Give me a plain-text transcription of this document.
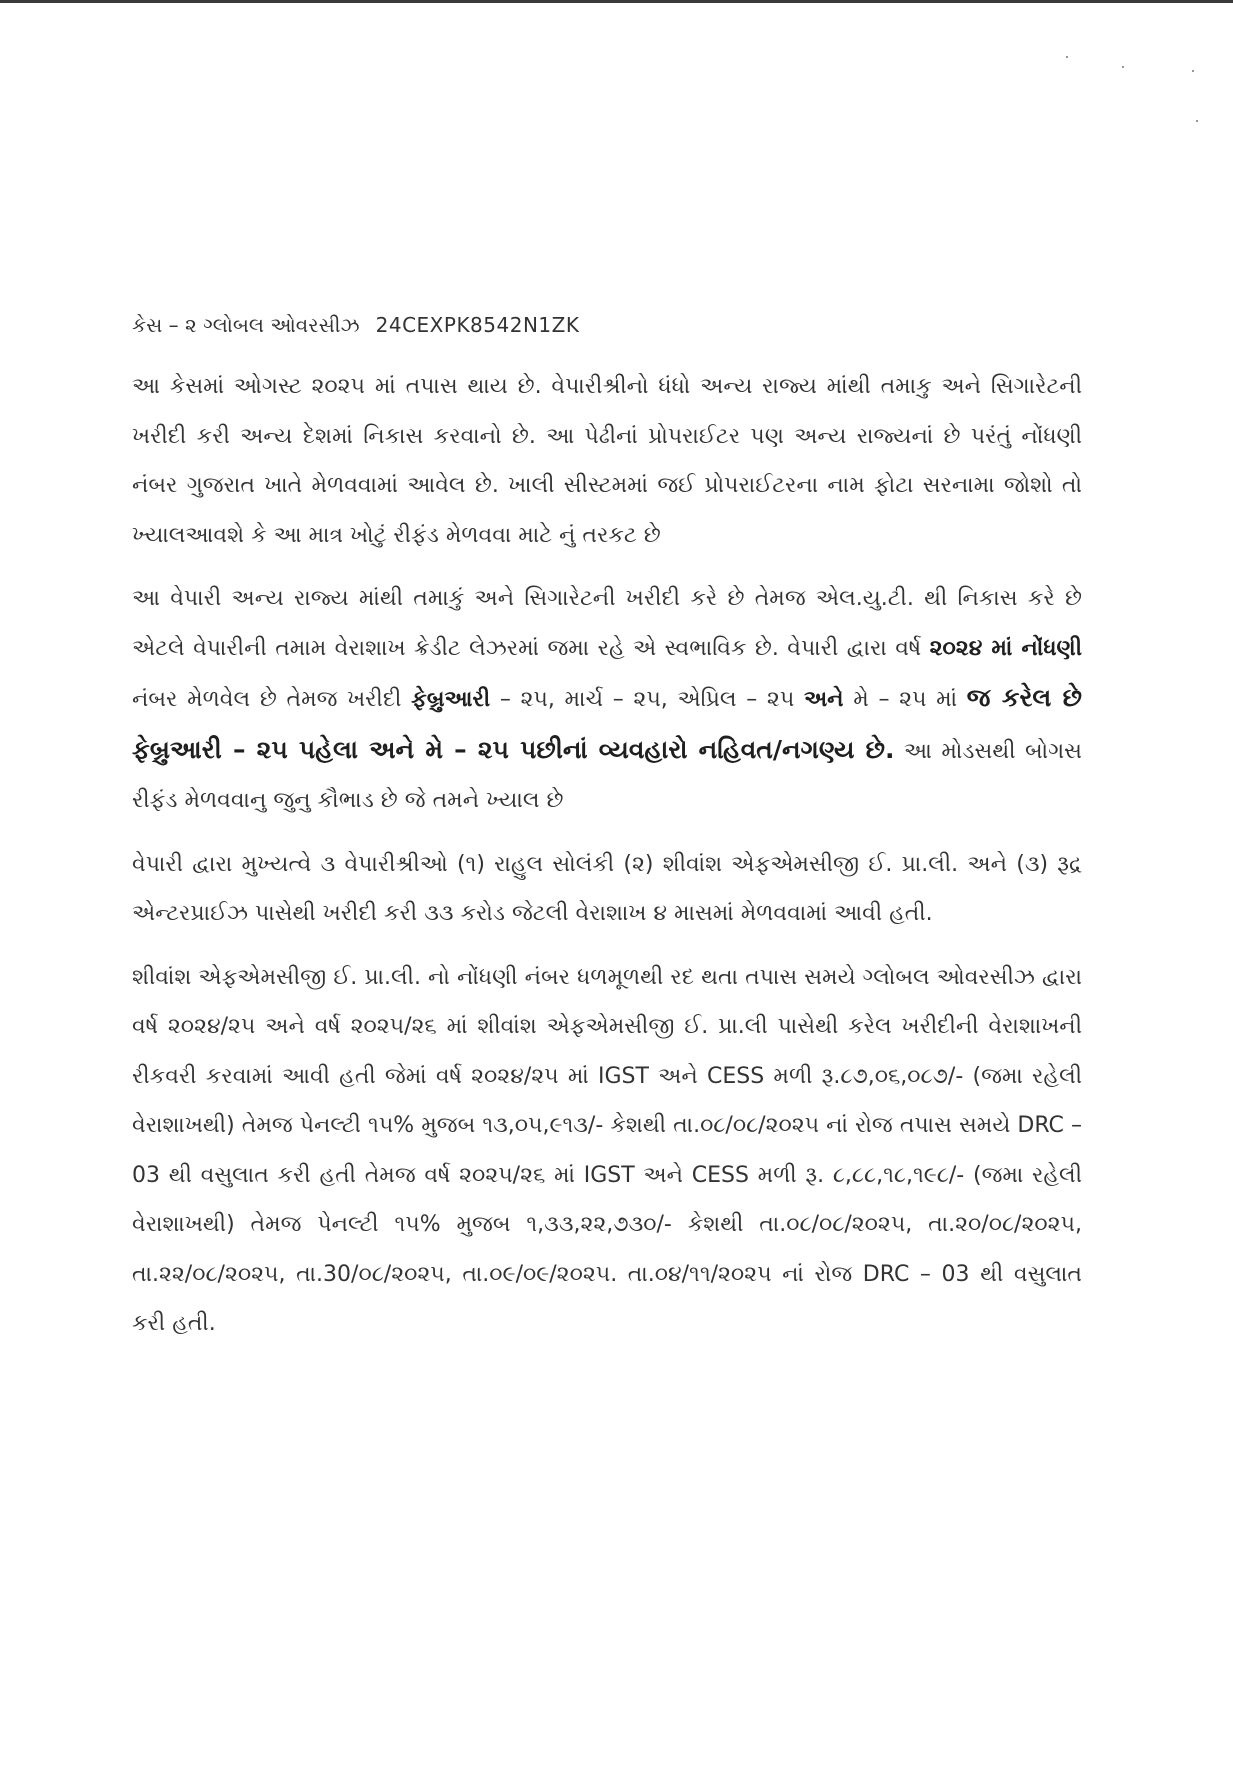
કેસ – ૨ ગ્લોબલ ઓવરસીઝ 24CEXPK8542N1ZK

આ કેસમાં ઓગસ્ટ ૨૦૨૫ માં તપાસ થાય છે. વેપારીશ્રીનો ધંધો અન્ય રાજ્ય માંથી તમાકુ અને સિગારેટની ખરીદી કરી અન્ય દેશમાં નિકાસ કરવાનો છે. આ પેઢીનાં પ્રોપરાઈટર પણ અન્ય રાજ્યનાં છે પરંતું નોંધણી નંબર ગુજરાત ખાતે મેળવવામાં આવેલ છે. ખાલી સીસ્ટમમાં જઈ પ્રોપરાઈટરના નામ ફોટા સરનામા જોશો તો ખ્યાલઆવશે કે આ માત્ર ખોટું રીફંડ મેળવવા માટે નું તરકટ છે

આ વેપારી અન્ય રાજ્ય માંથી તમાકું અને સિગારેટની ખરીદી કરે છે તેમજ એલ.યુ.ટી. થી નિકાસ કરે છે એટલે વેપારીની તમામ વેરાશાખ ક્રેડીટ લેઝરમાં જમા રહે એ સ્વભાવિક છે. વેપારી દ્વારા વર્ષ ૨૦૨૪ માં નોંધણી નંબર મેળવેલ છે તેમજ ખરીદી ફેબ્રુઆરી – ૨૫, માર્ચ – ૨૫, એપ્રિલ – ૨૫ અને મે – ૨૫ માં જ કરેલ છે ફેબ્રુઆરી – ૨૫ પહેલા અને મે – ૨૫ પછીનાં વ્યવહારો નહિવત/નગણ્ય છે. આ મોડસથી બોગસ રીફંડ મેળવવાનુ જુનુ કૌભાડ છે જે તમને ખ્યાલ છે

વેપારી દ્વારા મુખ્યત્વે ૩ વેપારીશ્રીઓ (૧) રાહુલ સોલંકી (૨) શીવાંશ એફએમસીજી ઈ. પ્રા.લી. અને (૩) રૂદ્ર એન્ટરપ્રાઈઝ પાસેથી ખરીદી કરી ૩૩ કરોડ જેટલી વેરાશાખ ૪ માસમાં મેળવવામાં આવી હતી.

શીવાંશ એફએમસીજી ઈ. પ્રા.લી. નો નોંધણી નંબર ધળમૂળથી રદ થતા તપાસ સમયે ગ્લોબલ ઓવરસીઝ દ્વારા વર્ષ ૨૦૨૪/૨૫ અને વર્ષ ૨૦૨૫/૨૬ માં શીવાંશ એફએમસીજી ઈ. પ્રા.લી પાસેથી કરેલ ખરીદીની વેરાશાખની રીકવરી કરવામાં આવી હતી જેમાં વર્ષ ૨૦૨૪/૨૫ માં IGST અને CESS મળી રૂ.૮૭,૦૬,૦૮૭/- (જમા રહેલી વેરાશાખથી) તેમજ પેનલ્ટી ૧૫% મુજબ ૧૩,૦૫,૯૧૩/- કેશથી તા.૦૮/૦૮/૨૦૨૫ નાં રોજ તપાસ સમયે DRC – 03 થી વસુલાત કરી હતી તેમજ વર્ષ ૨૦૨૫/૨૬ માં IGST અને CESS મળી રૂ. ૮,૮૮,૧૮,૧૯૮/- (જમા રહેલી વેરાશાખથી) તેમજ પેનલ્ટી ૧૫% મુજબ ૧,૩૩,૨૨,૭૩૦/- કેશથી તા.૦૮/૦૮/૨૦૨૫, તા.૨૦/૦૮/૨૦૨૫, તા.૨૨/૦૮/૨૦૨૫, તા.30/૦૮/૨૦૨૫, તા.૦૯/૦૯/૨૦૨૫. તા.૦૪/૧૧/૨૦૨૫ નાં રોજ DRC – 03 થી વસુલાત કરી હતી.
